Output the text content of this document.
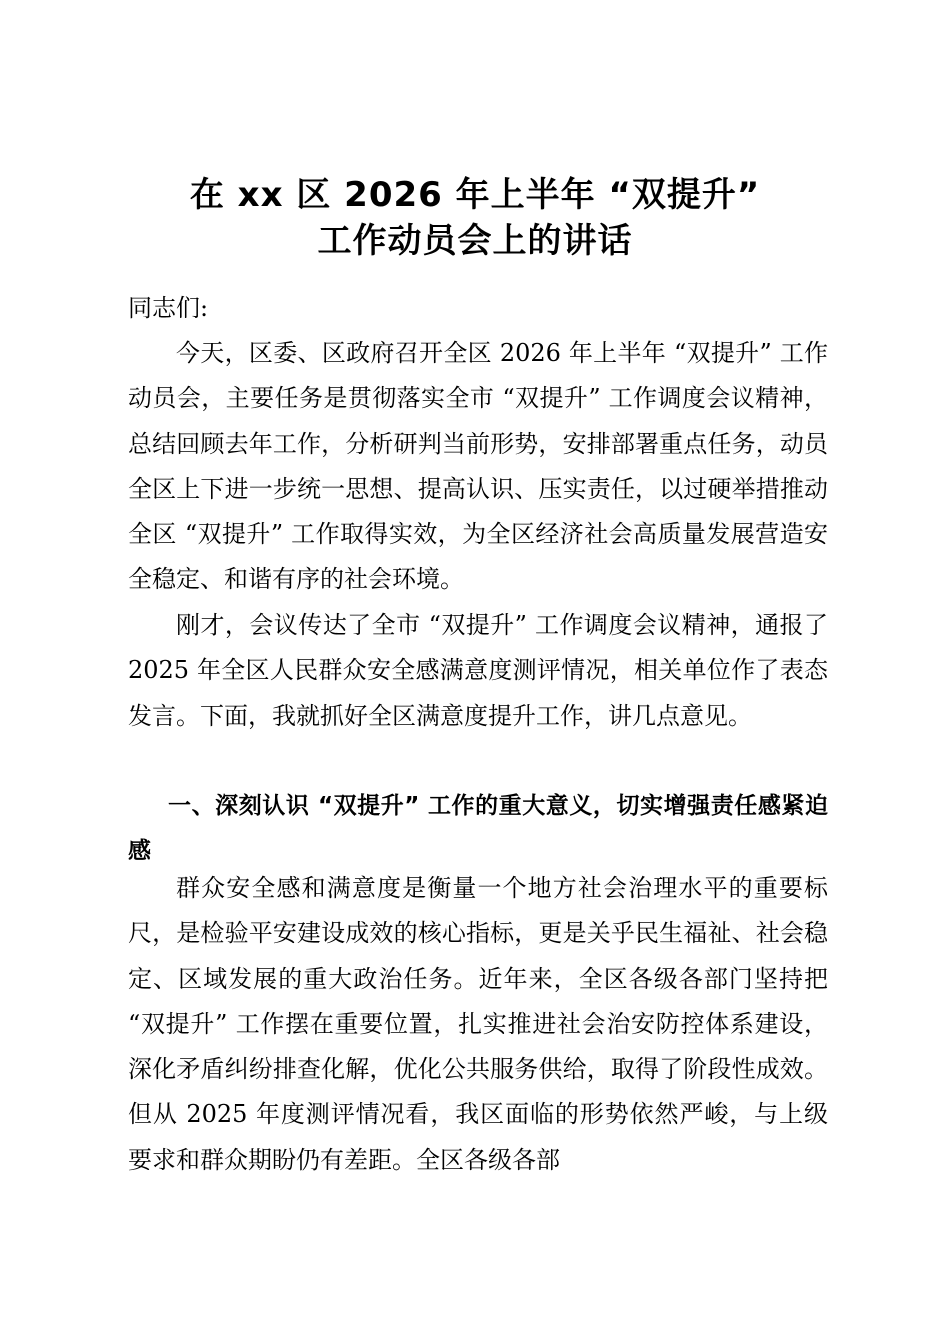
在 xx 区 2026 年上半年 “双提升”
工作动员会上的讲话
同志们:
今天，区委、区政府召开全区 2026 年上半年 “双提升” 工作动员会，主要任务是贯彻落实全市 “双提升” 工作调度会议精神，总结回顾去年工作，分析研判当前形势，安排部署重点任务，动员全区上下进一步统一思想、提高认识、压实责任，以过硬举措推动全区 “双提升” 工作取得实效，为全区经济社会高质量发展营造安全稳定、和谐有序的社会环境。
刚才，会议传达了全市 “双提升” 工作调度会议精神，通报了 2025 年全区人民群众安全感满意度测评情况，相关单位作了表态发言。下面，我就抓好全区满意度提升工作，讲几点意见。
一、深刻认识 “双提升” 工作的重大意义，切实增强责任感紧迫感
群众安全感和满意度是衡量一个地方社会治理水平的重要标尺，是检验平安建设成效的核心指标，更是关乎民生福祉、社会稳定、区域发展的重大政治任务。近年来，全区各级各部门坚持把 “双提升” 工作摆在重要位置，扎实推进社会治安防控体系建设，深化矛盾纠纷排查化解，优化公共服务供给，取得了阶段性成效。但从 2025 年度测评情况看，我区面临的形势依然严峻，与上级要求和群众期盼仍有差距。全区各级各部
